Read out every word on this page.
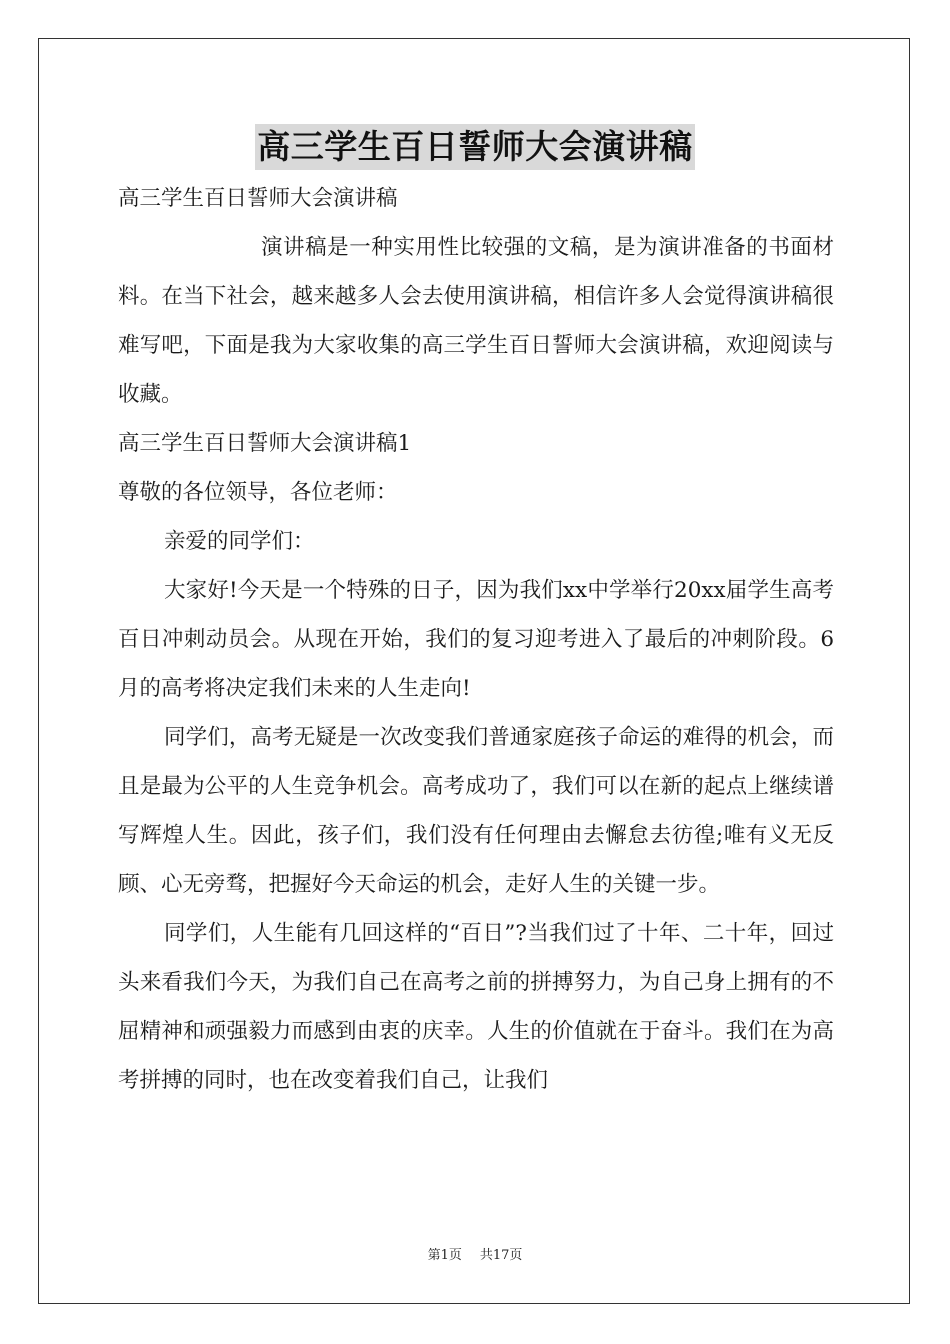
高三学生百日誓师大会演讲稿

高三学生百日誓师大会演讲稿

演讲稿是一种实用性比较强的文稿，是为演讲准备的书面材料。在当下社会，越来越多人会去使用演讲稿，相信许多人会觉得演讲稿很难写吧，下面是我为大家收集的高三学生百日誓师大会演讲稿，欢迎阅读与收藏。

高三学生百日誓师大会演讲稿1

尊敬的各位领导，各位老师：

亲爱的同学们：

大家好!今天是一个特殊的日子，因为我们xx中学举行20xx届学生高考百日冲刺动员会。从现在开始，我们的复习迎考进入了最后的冲刺阶段。6月的高考将决定我们未来的人生走向!

同学们，高考无疑是一次改变我们普通家庭孩子命运的难得的机会，而且是最为公平的人生竞争机会。高考成功了，我们可以在新的起点上继续谱写辉煌人生。因此，孩子们，我们没有任何理由去懈怠去彷徨;唯有义无反顾、心无旁骛，把握好今天命运的机会，走好人生的关键一步。

同学们，人生能有几回这样的“百日”?当我们过了十年、二十年，回过头来看我们今天，为我们自己在高考之前的拼搏努力，为自己身上拥有的不屈精神和顽强毅力而感到由衷的庆幸。人生的价值就在于奋斗。我们在为高考拼搏的同时，也在改变着我们自己，让我们

第1页 共17页
